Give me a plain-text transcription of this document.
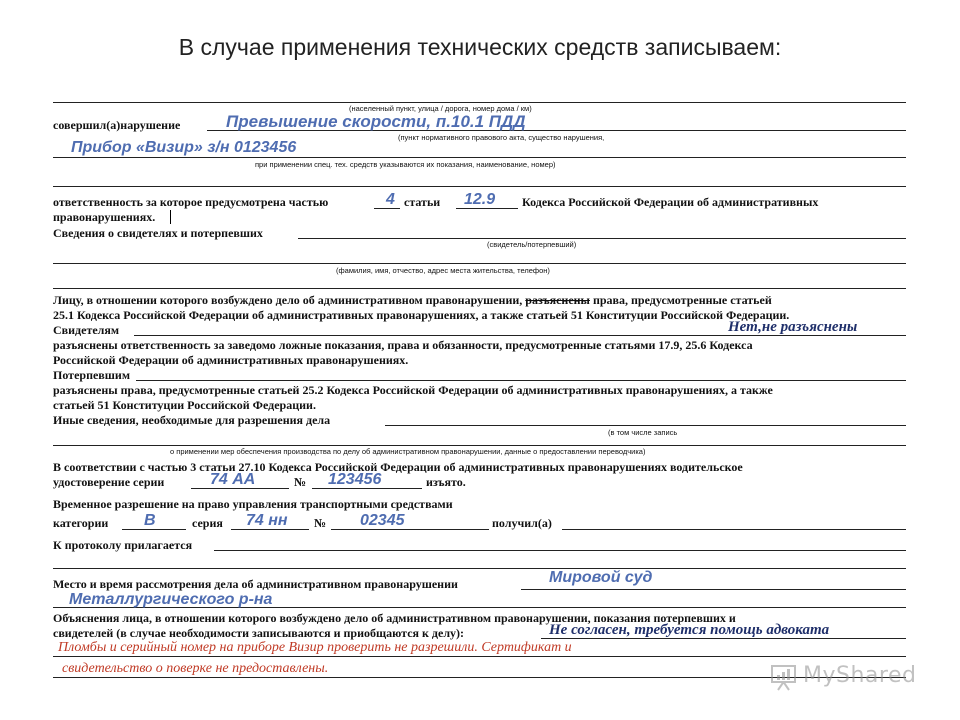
В случае применения технических средств записываем:
(населенный пункт, улица / дорога, номер дома / км)
совершил(а)нарушение	Превышение скорости, п.10.1 ПДД
(пункт нормативного правового акта, существо нарушения,
Прибор «Визир» з/н 0123456
при применении спец. тех. средств указываются их показания, наименование, номер)
ответственность за которое предусмотрена частью	4 статьи 12.9 Кодекса Российской Федерации об административных
правонарушениях.
Сведения о свидетелях и потерпевших
(свидетель/потерпевший)
(фамилия, имя, отчество, адрес места жительства, телефон)
Лицу, в отношении которого возбуждено дело об административном правонарушении, разъяснены права, предусмотренные статьей
25.1 Кодекса Российской Федерации об административных правонарушениях, а также статьей 51 Конституции Российской Федерации.
Свидетелям	Нет,не разъяснены
разъяснены ответственность за заведомо ложные показания, права и обязанности, предусмотренные статьями 17.9, 25.6 Кодекса
Российской Федерации об административных правонарушениях.
Потерпевшим
разъяснены права, предусмотренные статьей 25.2 Кодекса Российской Федерации об административных правонарушениях, а также
статьей 51 Конституции Российской Федерации.
Иные сведения, необходимые для разрешения дела
(в том числе запись
о применении мер обеспечения производства по делу об административном правонарушении, данные о предоставлении переводчика)
В соответствии с частью 3 статьи 27.10 Кодекса Российской Федерации об административных правонарушениях водительское
удостоверение серии	74 АА	№ 123456	изъято.
Временное разрешение на право управления транспортными средствами
категории В	серия 74 нн № 02345	получил(а)
К протоколу прилагается
Место и время рассмотрения дела об административном правонарушении	Мировой суд
Металлургического р-на
Объяснения лица, в отношении которого возбуждено дело об административном правонарушении, показания потерпевших и
свидетелей (в случае необходимости записываются и приобщаются к делу):	Не согласен, требуется помощь адвоката
Пломбы и серийный номер на приборе Визир проверить не разрешили. Сертификат и
свидетельство о поверке не предоставлены.	MyShared
